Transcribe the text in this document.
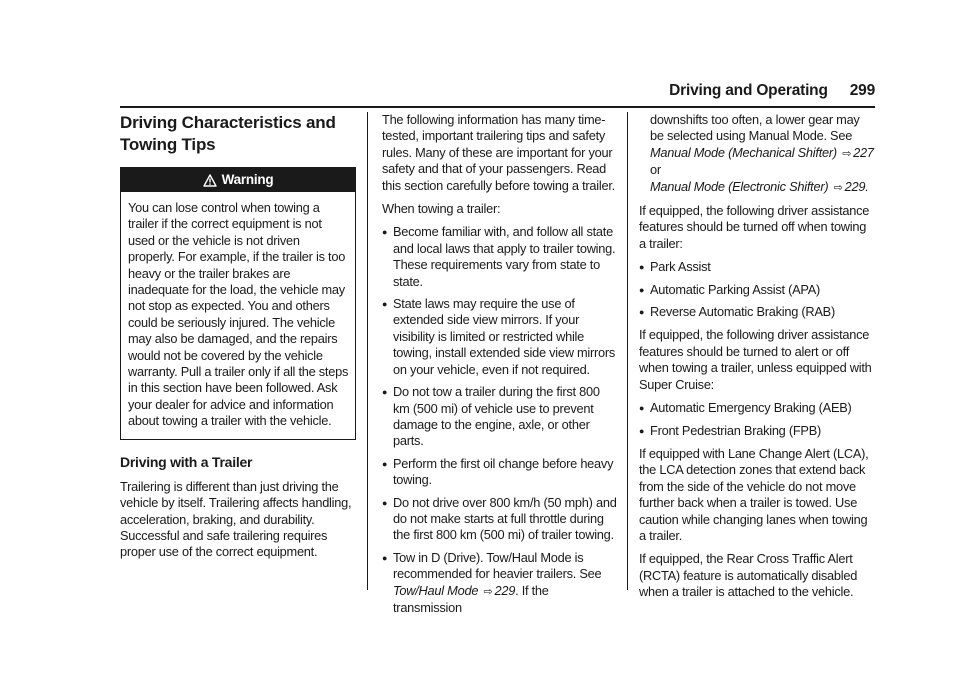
Driving and Operating 299
Driving Characteristics and Towing Tips
Warning
You can lose control when towing a trailer if the correct equipment is not used or the vehicle is not driven properly. For example, if the trailer is too heavy or the trailer brakes are inadequate for the load, the vehicle may not stop as expected. You and others could be seriously injured. The vehicle may also be damaged, and the repairs would not be covered by the vehicle warranty. Pull a trailer only if all the steps in this section have been followed. Ask your dealer for advice and information about towing a trailer with the vehicle.
Driving with a Trailer

Trailering is different than just driving the vehicle by itself. Trailering affects handling, acceleration, braking, and durability. Successful and safe trailering requires proper use of the correct equipment.

The following information has many time-tested, important trailering tips and safety rules. Many of these are important for your safety and that of your passengers. Read this section carefully before towing a trailer.

When towing a trailer:

● Become familiar with, and follow all state and local laws that apply to trailer towing. These requirements vary from state to state.
● State laws may require the use of extended side view mirrors. If your visibility is limited or restricted while towing, install extended side view mirrors on your vehicle, even if not required.
● Do not tow a trailer during the first 800 km (500 mi) of vehicle use to prevent damage to the engine, axle, or other parts.
● Perform the first oil change before heavy towing.
● Do not drive over 800 km/h (50 mph) and do not make starts at full throttle during the first 800 km (500 mi) of trailer towing.
● Tow in D (Drive). Tow/Haul Mode is recommended for heavier trailers. See
Tow/Haul Mode ⇨ 229. If the transmission
downshifts too often, a lower gear may be selected using Manual Mode. See
Manual Mode (Mechanical Shifter) ⇨ 227
or
Manual Mode (Electronic Shifter) ⇨ 229.

If equipped, the following driver assistance features should be turned off when towing a trailer:

● Park Assist
● Automatic Parking Assist (APA)
● Reverse Automatic Braking (RAB)

If equipped, the following driver assistance features should be turned to alert or off when towing a trailer, unless equipped with Super Cruise:

● Automatic Emergency Braking (AEB)
● Front Pedestrian Braking (FPB)

If equipped with Lane Change Alert (LCA), the LCA detection zones that extend back from the side of the vehicle do not move further back when a trailer is towed. Use caution while changing lanes when towing a trailer.

If equipped, the Rear Cross Traffic Alert (RCTA) feature is automatically disabled when a trailer is attached to the vehicle.
